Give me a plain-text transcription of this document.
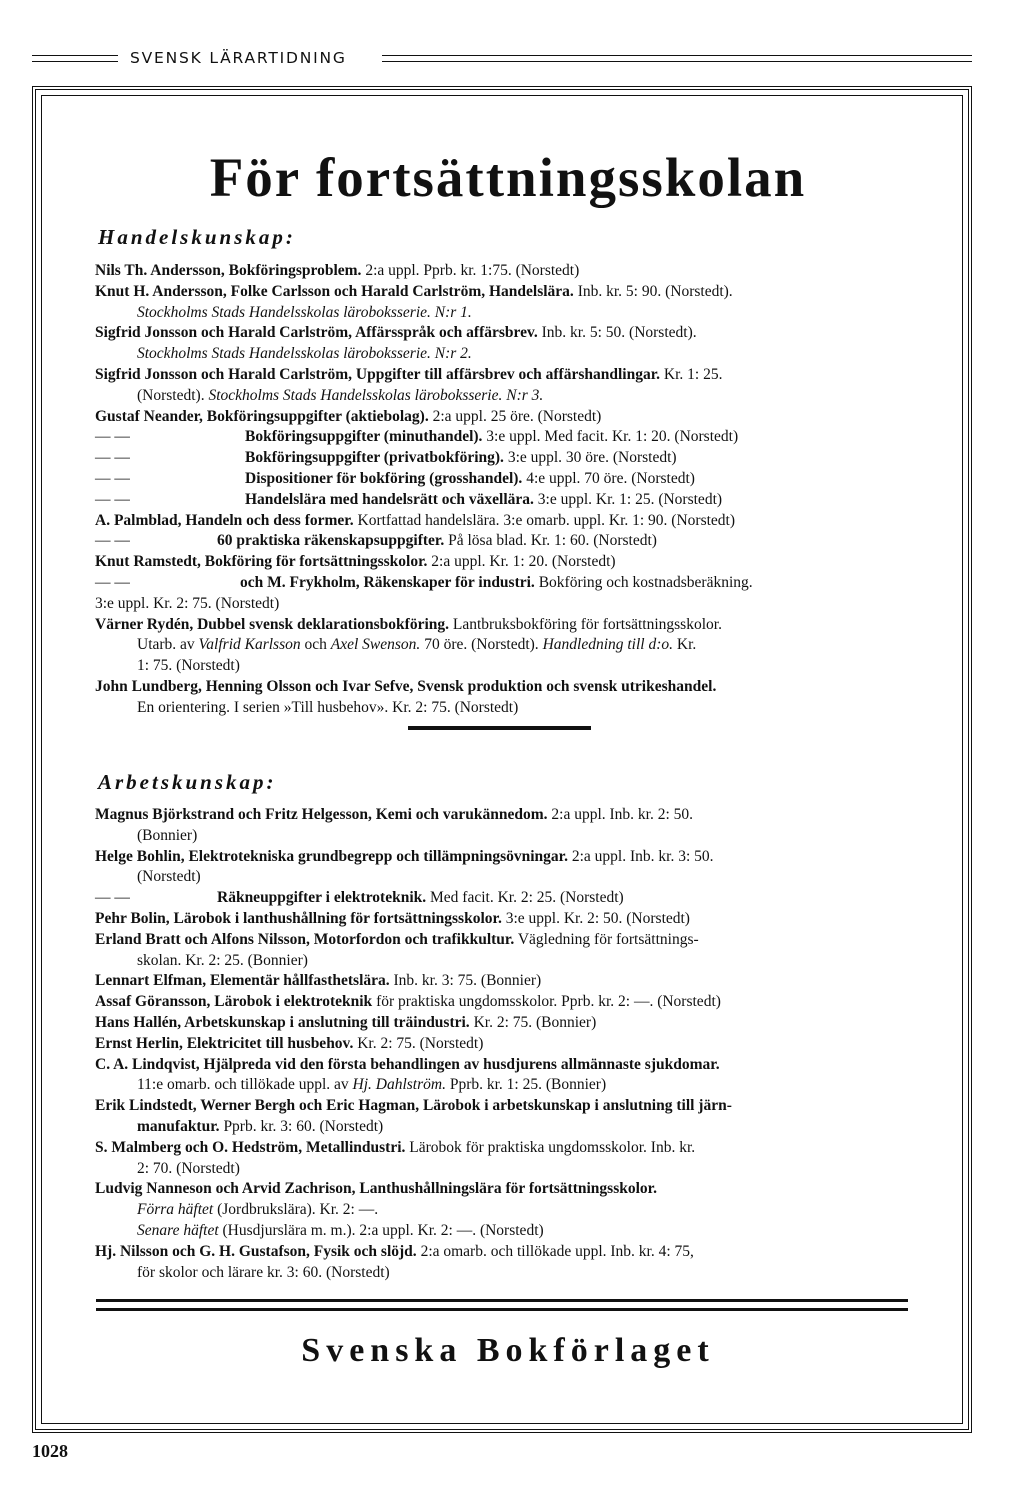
SVENSK LÄRARTIDNING
För fortsättningsskolan
Handelskunskap:
Nils Th. Andersson, Bokföringsproblem. 2:a uppl. Pprb. kr. 1:75. (Norstedt)
Knut H. Andersson, Folke Carlsson och Harald Carlström, Handelslära. Inb. kr. 5: 90. (Norstedt).
Stockholms Stads Handelsskolas läroboksserie. N:r 1.
Sigfrid Jonsson och Harald Carlström, Affärsspråk och affärsbrev. Inb. kr. 5: 50. (Norstedt).
Stockholms Stads Handelsskolas läroboksserie. N:r 2.
Sigfrid Jonsson och Harald Carlström, Uppgifter till affärsbrev och affärshandlingar. Kr. 1: 25.
(Norstedt). Stockholms Stads Handelsskolas läroboksserie. N:r 3.
Gustaf Neander, Bokföringsuppgifter (aktiebolag). 2:a uppl. 25 öre. (Norstedt)
— —	Bokföringsuppgifter (minuthandel). 3:e uppl. Med facit. Kr. 1: 20. (Norstedt)
— —	Bokföringsuppgifter (privatbokföring). 3:e uppl. 30 öre. (Norstedt)
— —	Dispositioner för bokföring (grosshandel). 4:e uppl. 70 öre. (Norstedt)
— —	Handelslära med handelsrätt och växellära. 3:e uppl. Kr. 1: 25. (Norstedt)
A. Palmblad, Handeln och dess former. Kortfattad handelslära. 3:e omarb. uppl. Kr. 1: 90. (Norstedt)
— —	60 praktiska räkenskapsuppgifter. På lösa blad. Kr. 1: 60. (Norstedt)
Knut Ramstedt, Bokföring för fortsättningsskolor. 2:a uppl. Kr. 1: 20. (Norstedt)
— —	och M. Frykholm, Räkenskaper för industri. Bokföring och kostnadsberäkning.
3:e uppl. Kr. 2: 75. (Norstedt)
Värner Rydén, Dubbel svensk deklarationsbokföring. Lantbruksbokföring för fortsättningsskolor.
Utarb. av Valfrid Karlsson och Axel Swenson. 70 öre. (Norstedt). Handledning till d:o. Kr.
1: 75. (Norstedt)
John Lundberg, Henning Olsson och Ivar Sefve, Svensk produktion och svensk utrikeshandel.
En orientering. I serien »Till husbehov». Kr. 2: 75. (Norstedt)
Arbetskunskap:
Magnus Björkstrand och Fritz Helgesson, Kemi och varukännedom. 2:a uppl. Inb. kr. 2: 50.
(Bonnier)
Helge Bohlin, Elektrotekniska grundbegrepp och tillämpningsövningar. 2:a uppl. Inb. kr. 3: 50.
(Norstedt)
— —	Räkneuppgifter i elektroteknik. Med facit. Kr. 2: 25. (Norstedt)
Pehr Bolin, Lärobok i lanthushållning för fortsättningsskolor. 3:e uppl. Kr. 2: 50. (Norstedt)
Erland Bratt och Alfons Nilsson, Motorfordon och trafikkultur. Vägledning för fortsättnings-
skolan. Kr. 2: 25. (Bonnier)
Lennart Elfman, Elementär hållfasthetslära. Inb. kr. 3: 75. (Bonnier)
Assaf Göransson, Lärobok i elektroteknik för praktiska ungdomsskolor. Pprb. kr. 2: —. (Norstedt)
Hans Hallén, Arbetskunskap i anslutning till träindustri. Kr. 2: 75. (Bonnier)
Ernst Herlin, Elektricitet till husbehov. Kr. 2: 75. (Norstedt)
C. A. Lindqvist, Hjälpreda vid den första behandlingen av husdjurens allmännaste sjukdomar.
11:e omarb. och tillökade uppl. av Hj. Dahlström. Pprb. kr. 1: 25. (Bonnier)
Erik Lindstedt, Werner Bergh och Eric Hagman, Lärobok i arbetskunskap i anslutning till järn-
manufaktur. Pprb. kr. 3: 60. (Norstedt)
S. Malmberg och O. Hedström, Metallindustri. Lärobok för praktiska ungdomsskolor. Inb. kr.
2: 70. (Norstedt)
Ludvig Nanneson och Arvid Zachrison, Lanthushållningslära för fortsättningsskolor.
Förra häftet (Jordbrukslära). Kr. 2: —.
Senare häftet (Husdjurslära m. m.). 2:a uppl. Kr. 2: —. (Norstedt)
Hj. Nilsson och G. H. Gustafson, Fysik och slöjd. 2:a omarb. och tillökade uppl. Inb. kr. 4: 75,
för skolor och lärare kr. 3: 60. (Norstedt)
Svenska Bokförlaget
1028
